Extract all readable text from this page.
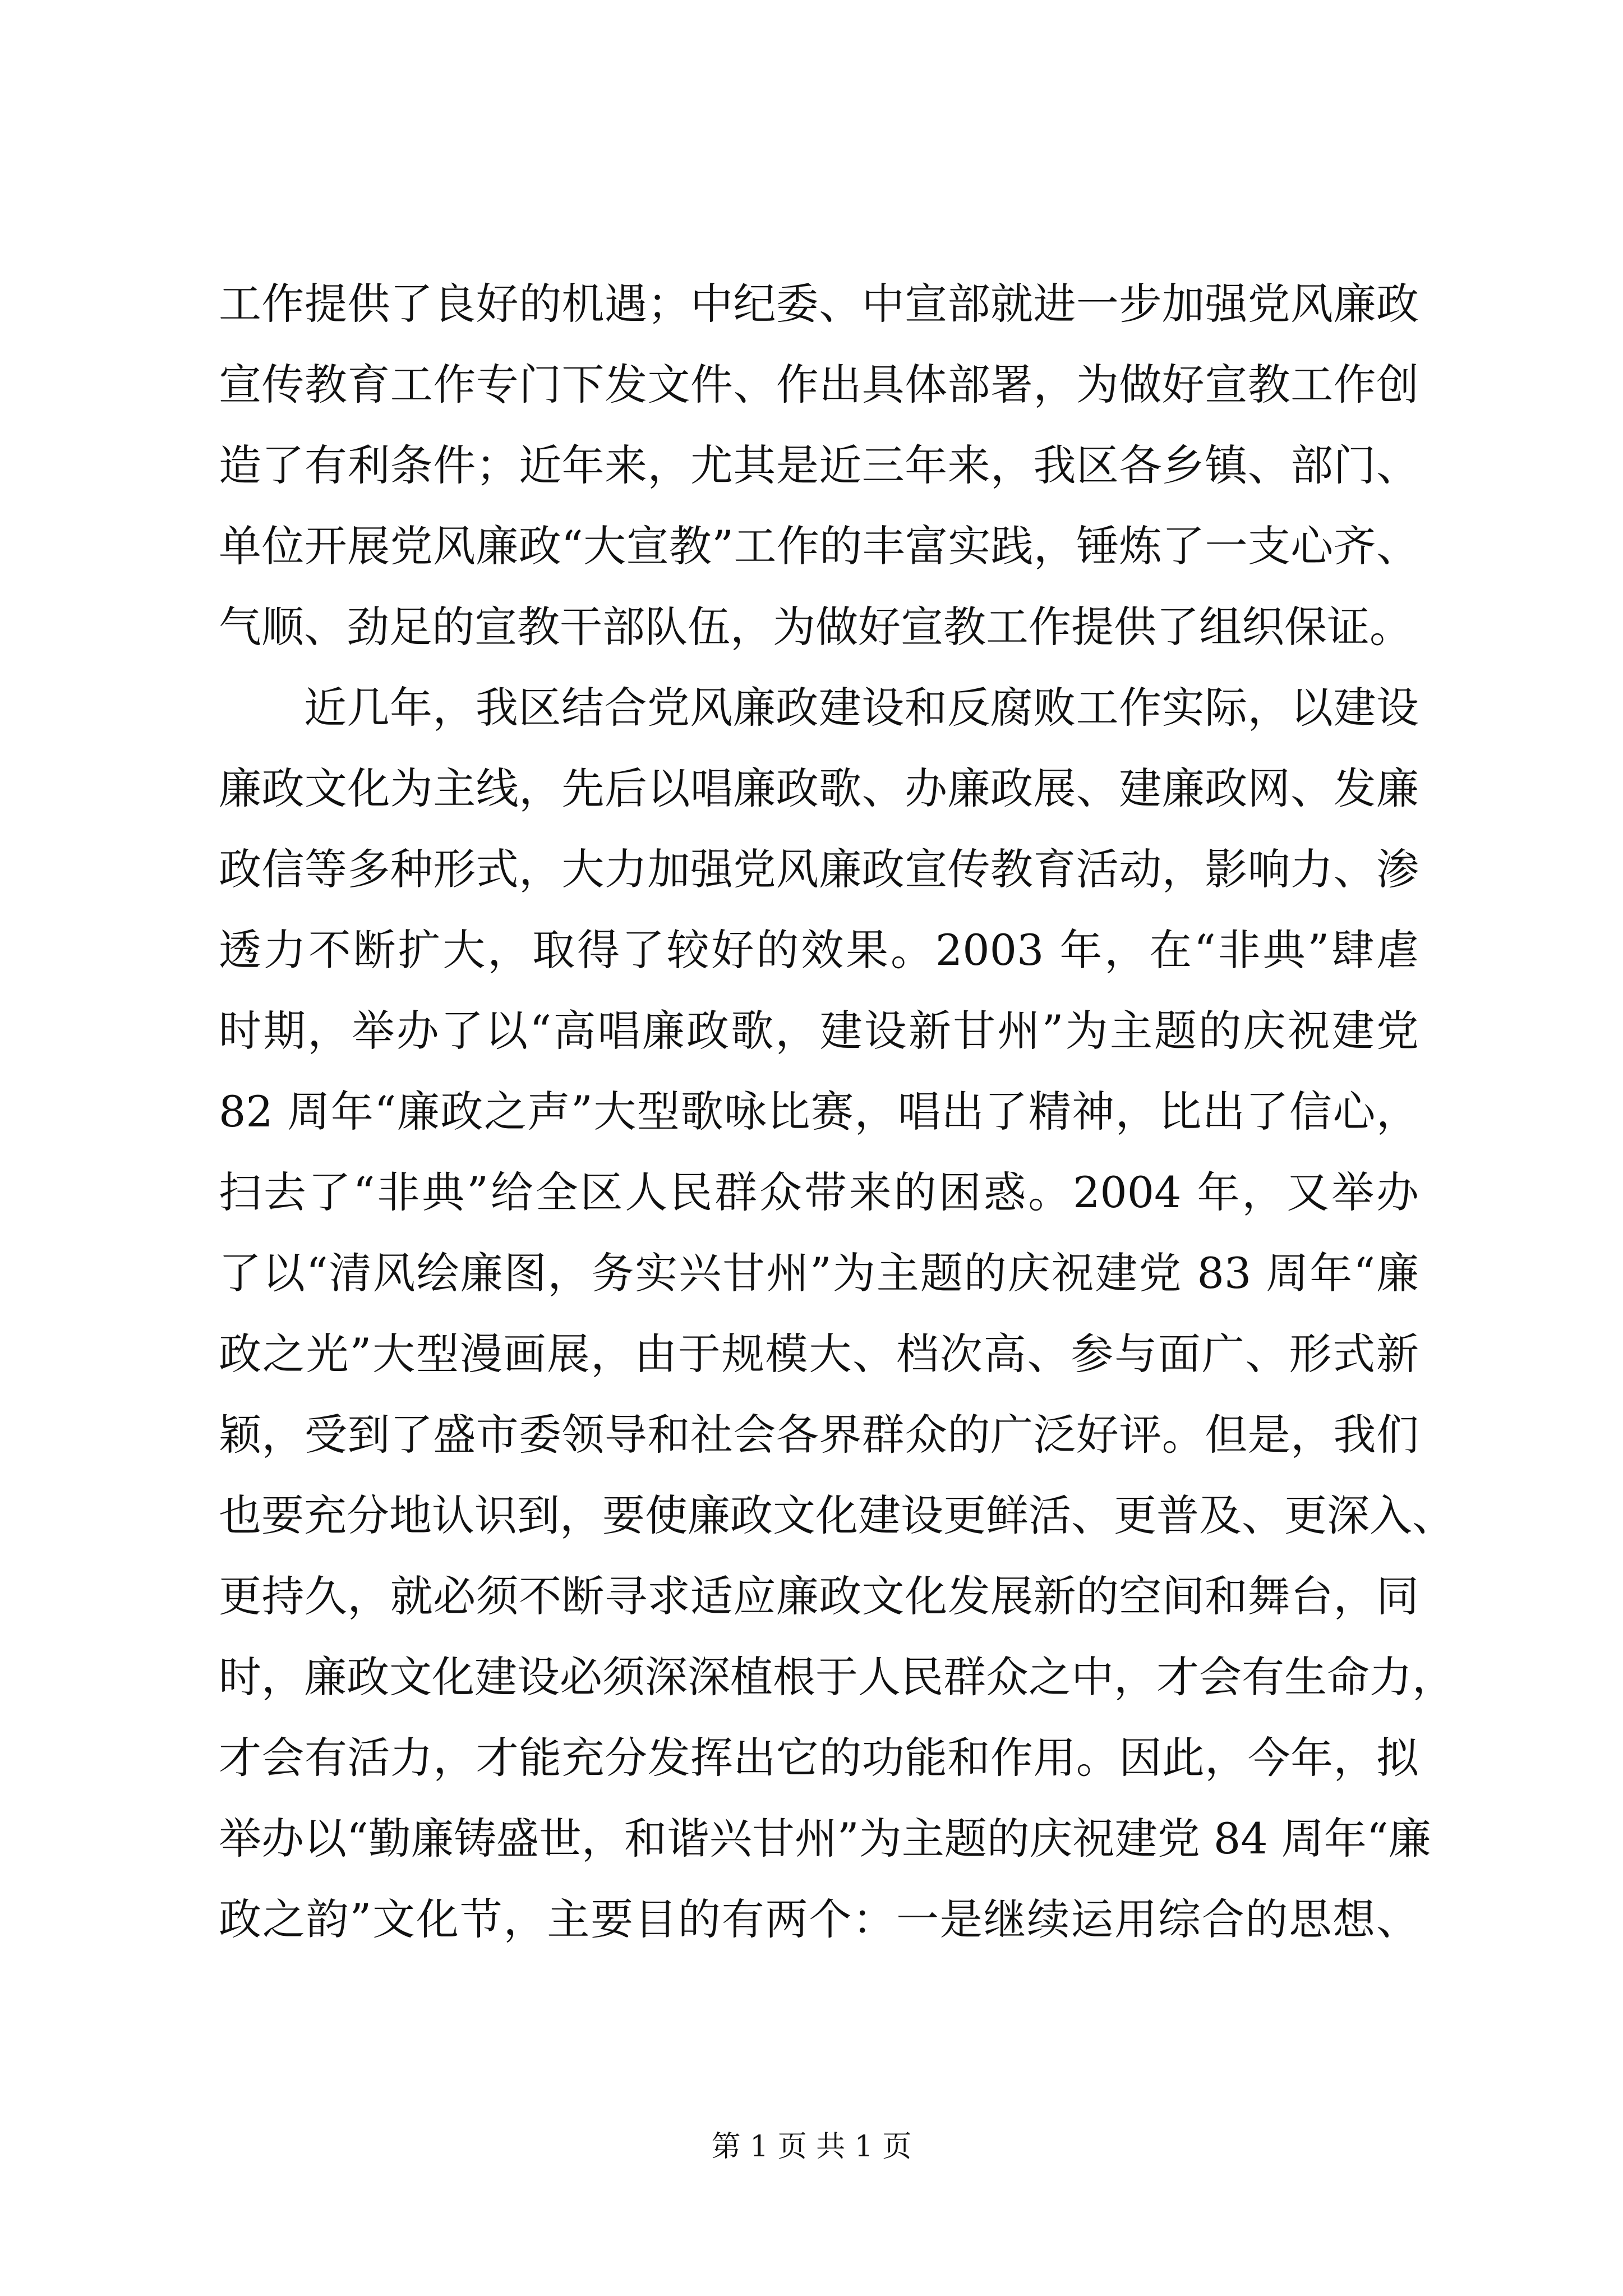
工作提供了良好的机遇；中纪委、中宣部就进一步加强党风廉政
宣传教育工作专门下发文件、作出具体部署，为做好宣教工作创
造了有利条件；近年来，尤其是近三年来，我区各乡镇、部门、
单位开展党风廉政“大宣教”工作的丰富实践，锤炼了一支心齐、
气顺、劲足的宣教干部队伍，为做好宣教工作提供了组织保证。
近几年，我区结合党风廉政建设和反腐败工作实际，以建设
廉政文化为主线，先后以唱廉政歌、办廉政展、建廉政网、发廉
政信等多种形式，大力加强党风廉政宣传教育活动，影响力、渗
透力不断扩大，取得了较好的效果。2003 年，在“非典”肆虐
时期，举办了以“高唱廉政歌，建设新甘州”为主题的庆祝建党
82 周年“廉政之声”大型歌咏比赛，唱出了精神，比出了信心，
扫去了“非典”给全区人民群众带来的困惑。2004 年，又举办
了以“清风绘廉图，务实兴甘州”为主题的庆祝建党 83 周年“廉
政之光”大型漫画展，由于规模大、档次高、参与面广、形式新
颖，受到了盛市委领导和社会各界群众的广泛好评。但是，我们
也要充分地认识到，要使廉政文化建设更鲜活、更普及、更深入、
更持久，就必须不断寻求适应廉政文化发展新的空间和舞台，同
时，廉政文化建设必须深深植根于人民群众之中，才会有生命力，
才会有活力，才能充分发挥出它的功能和作用。因此，今年，拟
举办以“勤廉铸盛世，和谐兴甘州”为主题的庆祝建党 84 周年“廉
政之韵”文化节，主要目的有两个：一是继续运用综合的思想、
第 1 页 共 1 页
